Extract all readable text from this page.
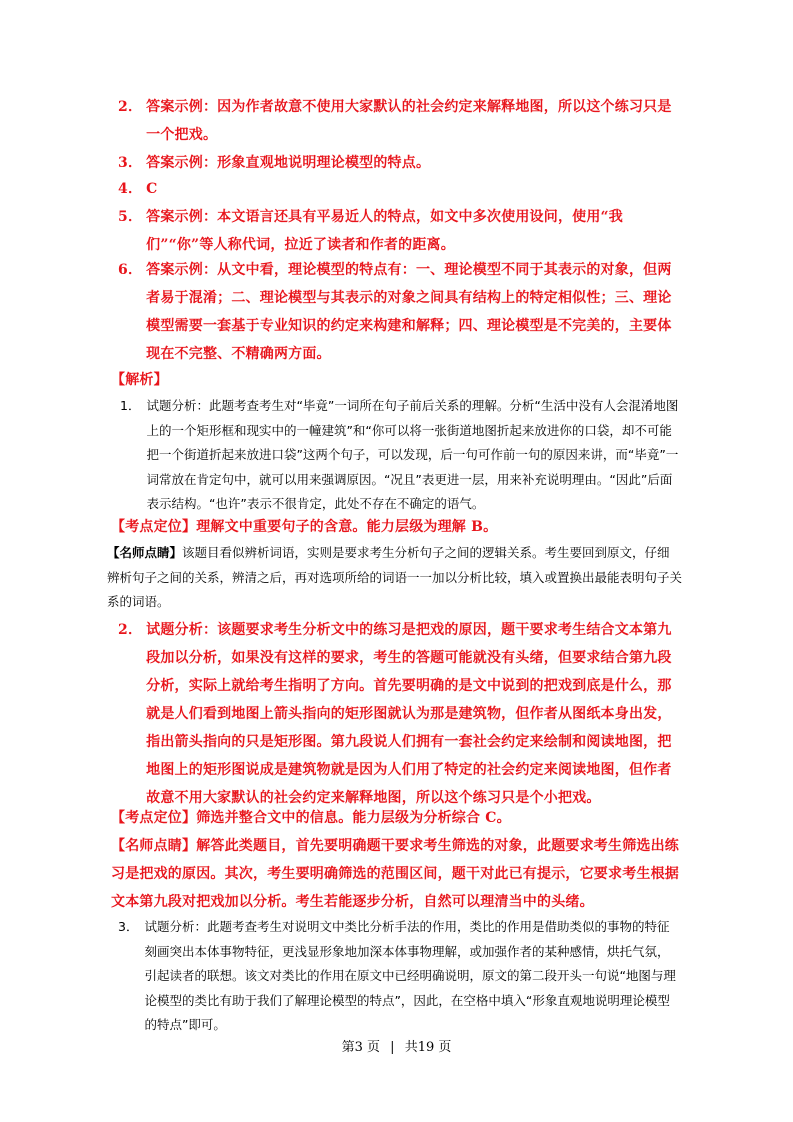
2． 答案示例：因为作者故意不使用大家默认的社会约定来解释地图，所以这个练习只是一个把戏。
3． 答案示例：形象直观地说明理论模型的特点。
4． C
5． 答案示例：本文语言还具有平易近人的特点，如文中多次使用设问，使用“我们”“你”等人称代词，拉近了读者和作者的距离。
6． 答案示例：从文中看，理论模型的特点有：一、理论模型不同于其表示的对象，但两者易于混淆；二、理论模型与其表示的对象之间具有结构上的特定相似性；三、理论模型需要一套基于专业知识的约定来构建和解释；四、理论模型是不完美的，主要体现在不完整、不精确两方面。
【解析】
1． 试题分析：此题考查考生对“毕竟”一词所在句子前后关系的理解。分析“生活中没有人会混淆地图上的一个矩形框和现实中的一幢建筑”和“你可以将一张街道地图折起来放进你的口袋，却不可能把一个街道折起来放进口袋”这两个句子，可以发现，后一句可作前一句的原因来讲，而“毕竟”一词常放在肯定句中，就可以用来强调原因。“况且”表更进一层，用来补充说明理由。“因此”后面表示结构。“也许”表示不很肯定，此处不存在不确定的语气。
【考点定位】理解文中重要句子的含意。能力层级为理解 B。
【名师点睛】该题目看似辨析词语，实则是要求考生分析句子之间的逻辑关系。考生要回到原文，仔细辨析句子之间的关系，辨清之后，再对选项所给的词语一一加以分析比较，填入或置换出最能表明句子关系的词语。
2． 试题分析：该题要求考生分析文中的练习是把戏的原因，题干要求考生结合文本第九段加以分析，如果没有这样的要求，考生的答题可能就没有头绪，但要求结合第九段分析，实际上就给考生指明了方向。首先要明确的是文中说到的把戏到底是什么，那就是人们看到地图上箭头指向的矩形图就认为那是建筑物，但作者从图纸本身出发，指出箭头指向的只是矩形图。第九段说人们拥有一套社会约定来绘制和阅读地图，把地图上的矩形图说成是建筑物就是因为人们用了特定的社会约定来阅读地图，但作者故意不用大家默认的社会约定来解释地图，所以这个练习只是个小把戏。
【考点定位】筛选并整合文中的信息。能力层级为分析综合 C。
【名师点睛】解答此类题目，首先要明确题干要求考生筛选的对象，此题要求考生筛选出练习是把戏的原因。其次，考生要明确筛选的范围区间，题干对此已有提示，它要求考生根据文本第九段对把戏加以分析。考生若能逐步分析，自然可以理清当中的头绪。
3． 试题分析：此题考查考生对说明文中类比分析手法的作用，类比的作用是借助类似的事物的特征刻画突出本体事物特征，更浅显形象地加深本体事物理解，或加强作者的某种感情，烘托气氛，引起读者的联想。该文对类比的作用在原文中已经明确说明，原文的第二段开头一句说“地图与理论模型的类比有助于我们了解理论模型的特点”，因此，在空格中填入“形象直观地说明理论模型的特点”即可。
第3 页 | 共19 页
